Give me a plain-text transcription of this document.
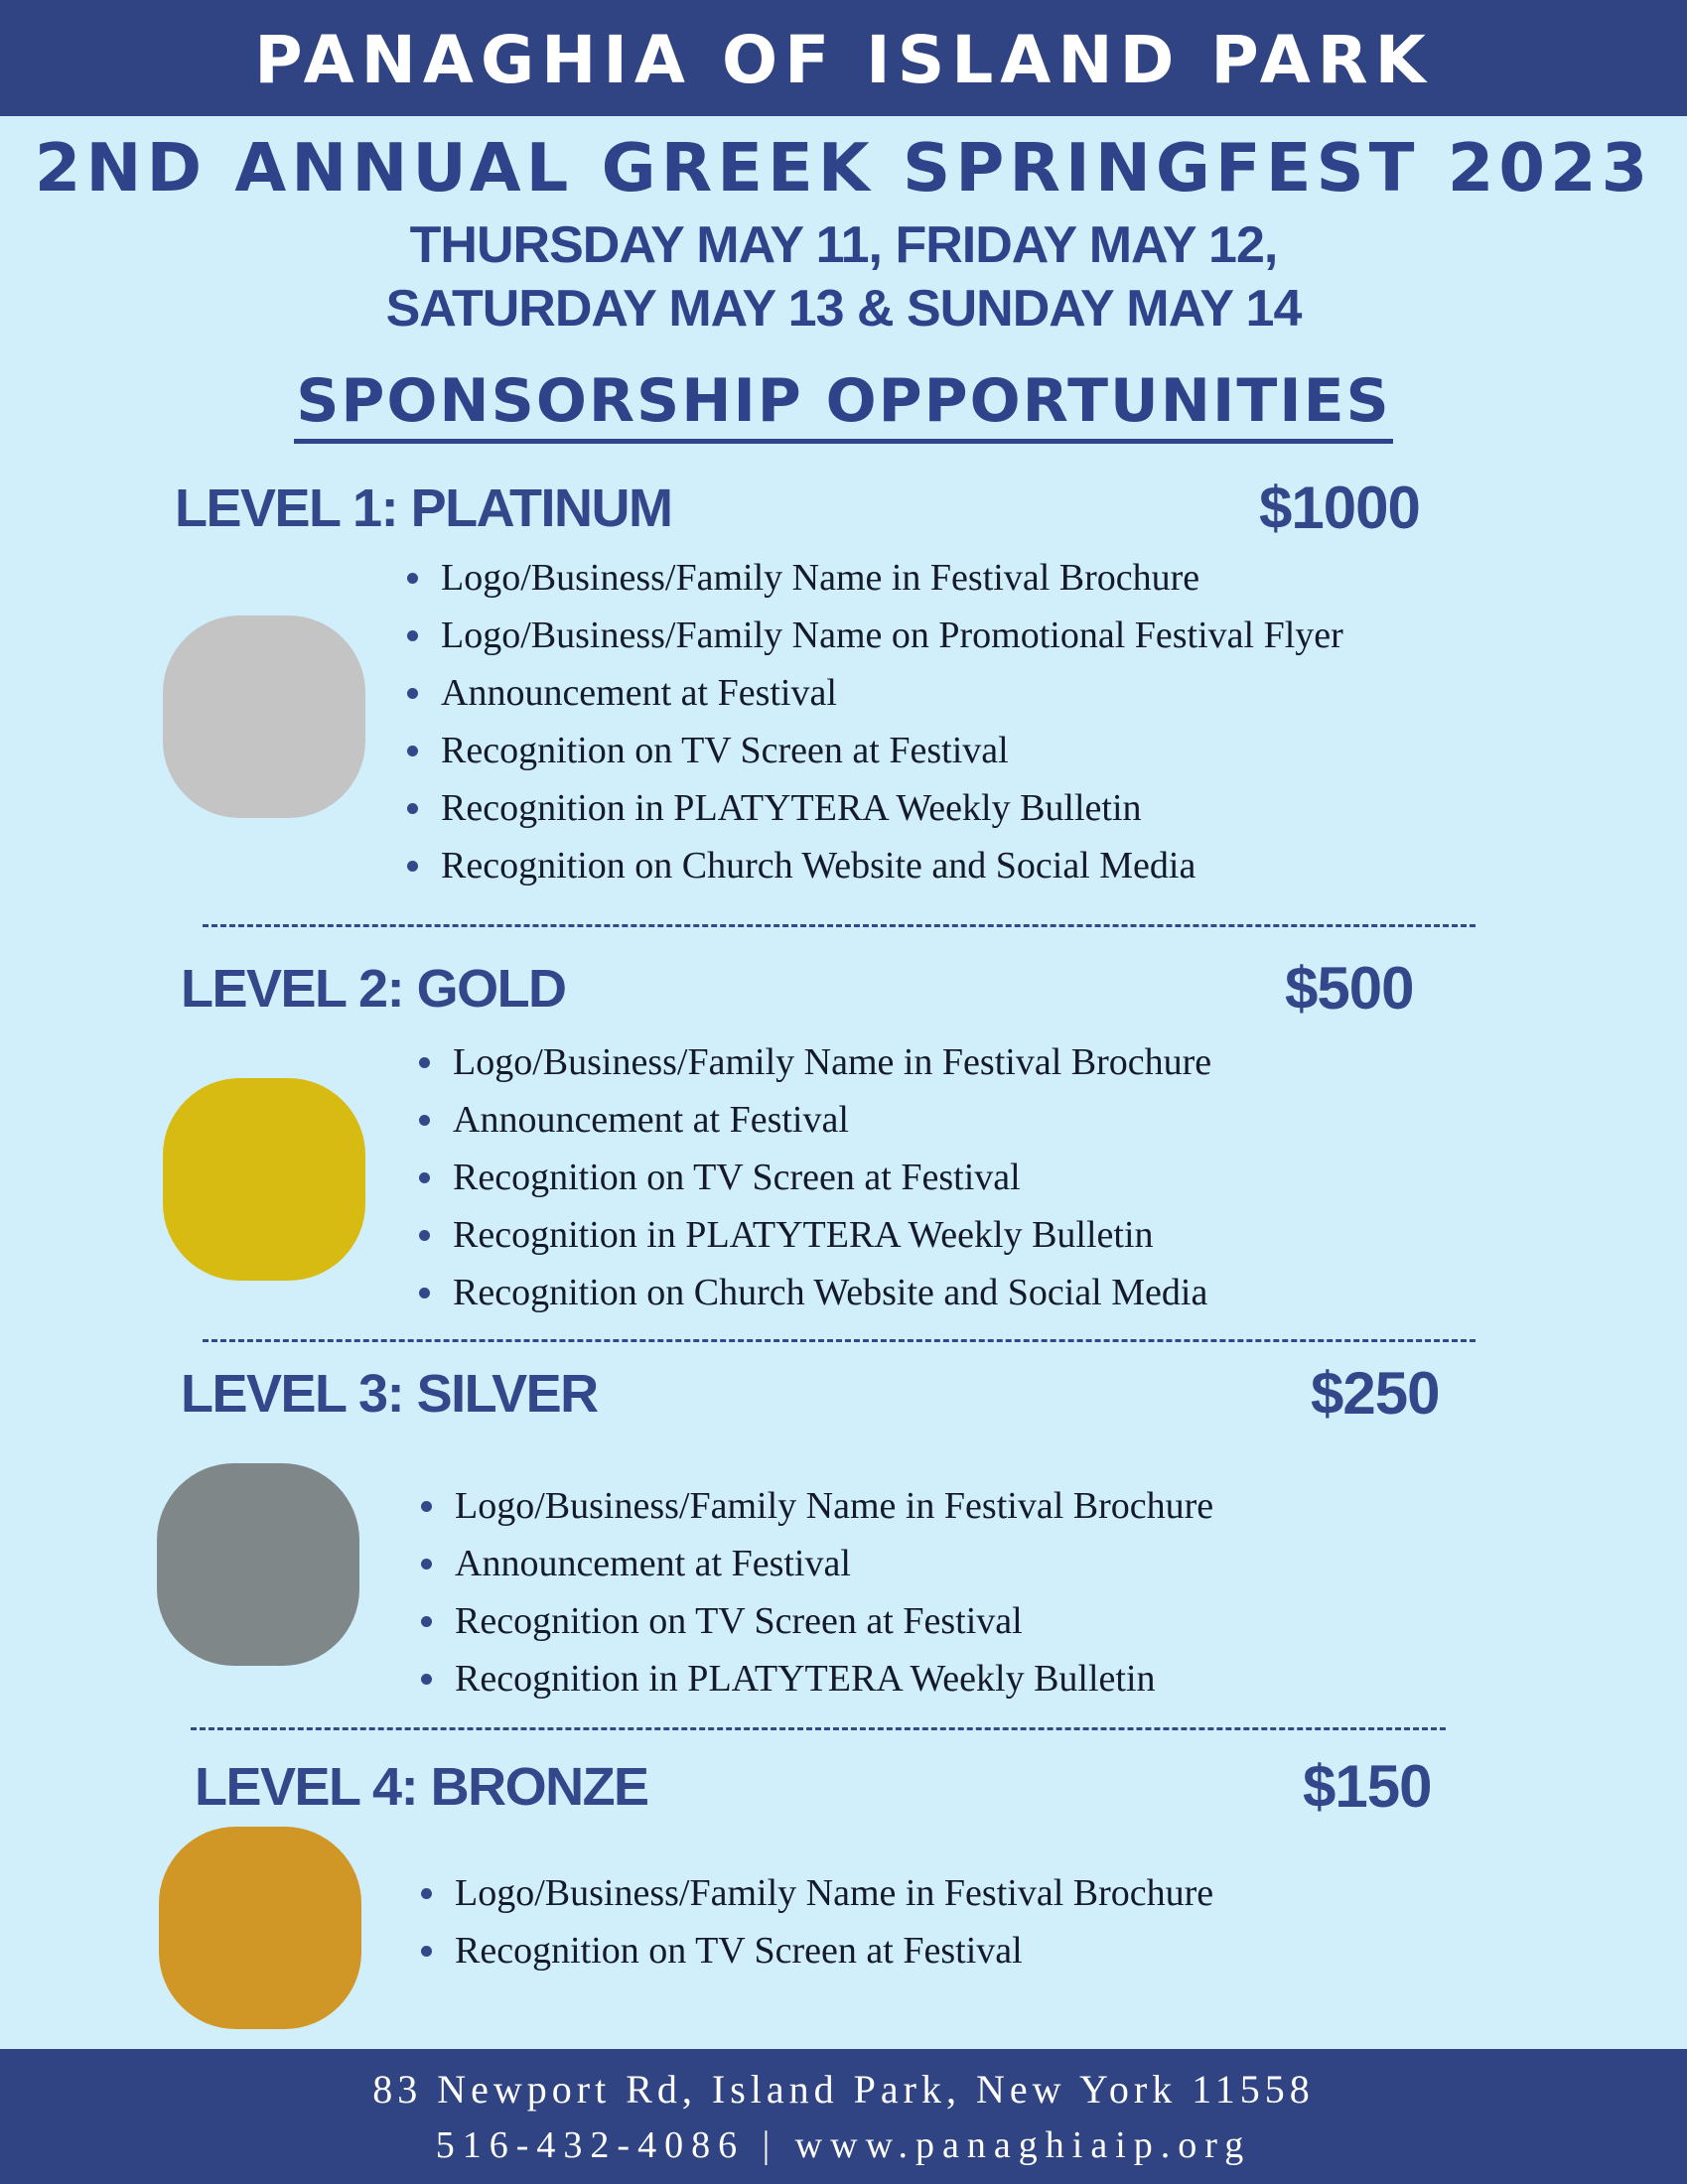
PANAGHIA OF ISLAND PARK
2ND ANNUAL GREEK SPRINGFEST 2023
THURSDAY MAY 11, FRIDAY MAY 12,
SATURDAY MAY 13 & SUNDAY MAY 14
SPONSORSHIP OPPORTUNITIES
LEVEL 1: PLATINUM	$1000
Logo/Business/Family Name in Festival Brochure
Logo/Business/Family Name on Promotional Festival Flyer
Announcement at Festival
Recognition on TV Screen at Festival
Recognition in PLATYTERA Weekly Bulletin
Recognition on Church Website and Social Media
LEVEL 2: GOLD	$500
Logo/Business/Family Name in Festival Brochure
Announcement at Festival
Recognition on TV Screen at Festival
Recognition in PLATYTERA Weekly Bulletin
Recognition on Church Website and Social Media
LEVEL 3: SILVER	$250
Logo/Business/Family Name in Festival Brochure
Announcement at Festival
Recognition on TV Screen at Festival
Recognition in PLATYTERA Weekly Bulletin
LEVEL 4: BRONZE	$150
Logo/Business/Family Name in Festival Brochure
Recognition on TV Screen at Festival
83 Newport Rd, Island Park, New York 11558
516-432-4086 | www.panaghiaip.org
